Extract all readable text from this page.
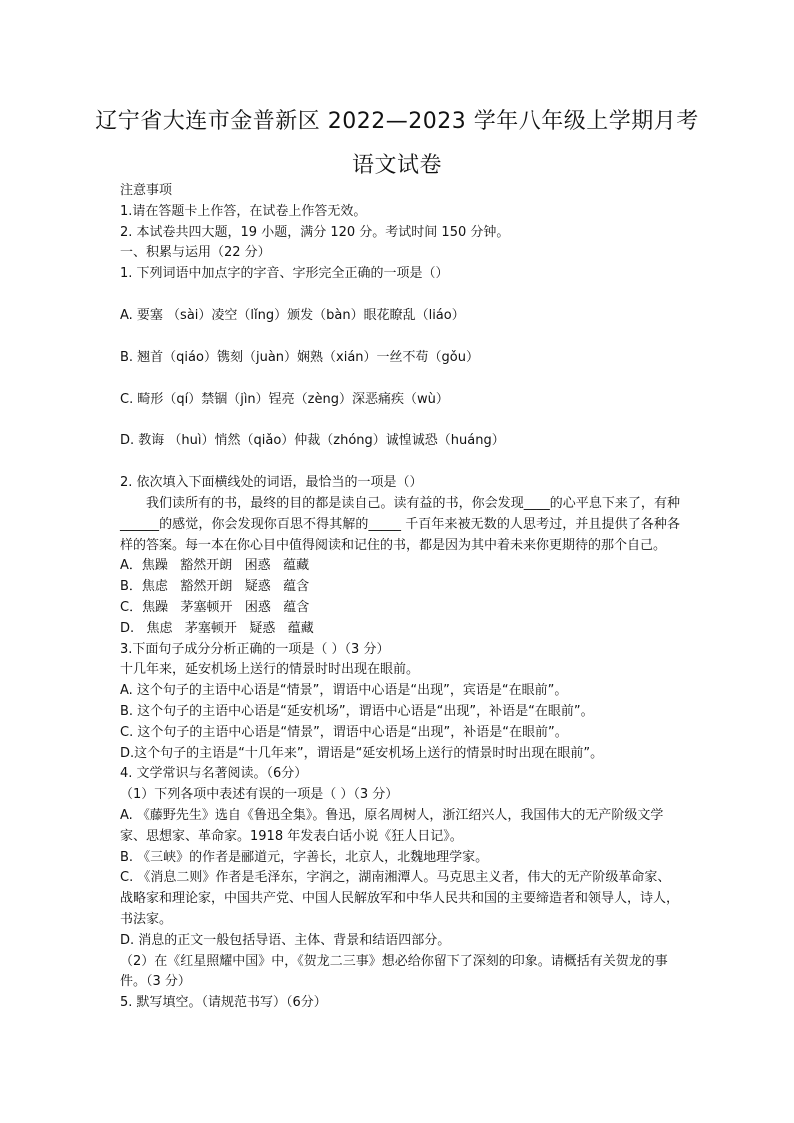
辽宁省大连市金普新区 2022—2023 学年八年级上学期月考
语文试卷
注意事项
1.请在答题卡上作答，在试卷上作答无效。
2. 本试卷共四大题，19 小题，满分 120 分。考试时间 150 分钟。
一、积累与运用（22 分）
1. 下列词语中加点字的字音、字形完全正确的一项是（）
A. 要塞 （sài）凌空（lǐng）颁发（bàn）眼花瞭乱（liáo）
B. 翘首（qiáo）镌刻（juàn）娴熟（xián）一丝不苟（gǒu）
C. 畸形（qí）禁锢（jìn）锃亮（zèng）深恶痛疾（wù）
D. 教诲 （huì）悄然（qiǎo）仲裁（zhóng）诚惶诚恐（huáng）
2. 依次填入下面横线处的词语，最恰当的一项是（）
我们读所有的书，最终的目的都是读自己。读有益的书，你会发现____的心平息下来了，有种______的感觉，你会发现你百思不得其解的_____ 千百年来被无数的人思考过，并且提供了各种各样的答案。每一本在你心目中值得阅读和记住的书，都是因为其中着未来你更期待的那个自己。
A．焦躁   豁然开朗   困惑   蕴藏
B．焦虑   豁然开朗   疑惑   蕴含
C．焦躁   茅塞顿开   困惑   蕴含
D.   焦虑   茅塞顿开   疑惑   蕴藏
3.下面句子成分分析正确的一项是（ ）（3 分）
十几年来，延安机场上送行的情景时时出现在眼前。
A. 这个句子的主语中心语是“情景”，谓语中心语是“出现”，宾语是“在眼前”。
B. 这个句子的主语中心语是“延安机场”，谓语中心语是“出现”，补语是“在眼前”。
C. 这个句子的主语中心语是“情景”，谓语中心语是“出现”，补语是“在眼前”。
D.这个句子的主语是“十几年来”，谓语是“延安机场上送行的情景时时出现在眼前”。
4. 文学常识与名著阅读。（6分）
（1）下列各项中表述有误的一项是（ ）（3 分）
A. 《藤野先生》选自《鲁迅全集》。鲁迅，原名周树人，浙江绍兴人，我国伟大的无产阶级文学家、思想家、革命家。1918 年发表白话小说《狂人日记》。
B. 《三峡》的作者是郦道元，字善长，北京人，北魏地理学家。
C. 《消息二则》作者是毛泽东，字润之，湖南湘潭人。马克思主义者，伟大的无产阶级革命家、战略家和理论家，中国共产党、中国人民解放军和中华人民共和国的主要缔造者和领导人，诗人，书法家。
D. 消息的正文一般包括导语、主体、背景和结语四部分。
（2）在《红星照耀中国》中，《贺龙二三事》想必给你留下了深刻的印象。请概括有关贺龙的事件。（3 分）
5. 默写填空。（请规范书写）（6分）
